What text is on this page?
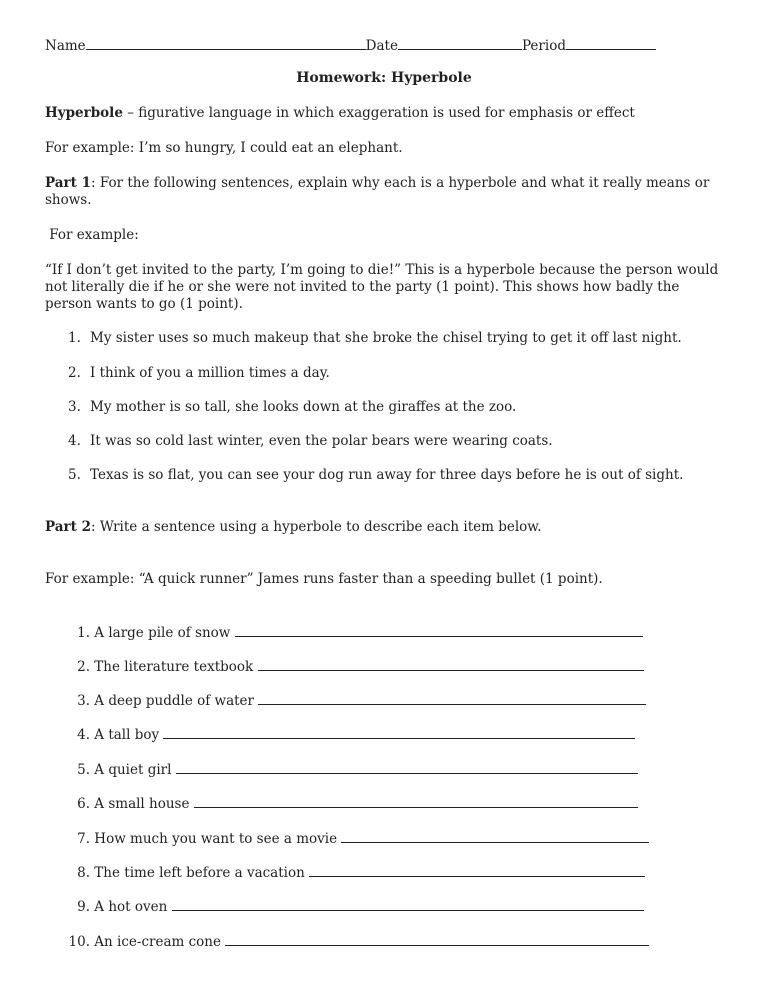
Name	Date	Period
Homework: Hyperbole
Hyperbole – figurative language in which exaggeration is used for emphasis or effect
For example: I’m so hungry, I could eat an elephant.
Part 1: For the following sentences, explain why each is a hyperbole and what it really means or shows.
For example:
“If I don’t get invited to the party, I’m going to die!” This is a hyperbole because the person would not literally die if he or she were not invited to the party (1 point). This shows how badly the person wants to go (1 point).
1. My sister uses so much makeup that she broke the chisel trying to get it off last night.
2. I think of you a million times a day.
3. My mother is so tall, she looks down at the giraffes at the zoo.
4. It was so cold last winter, even the polar bears were wearing coats.
5. Texas is so flat, you can see your dog run away for three days before he is out of sight.
Part 2: Write a sentence using a hyperbole to describe each item below.
For example: “A quick runner” James runs faster than a speeding bullet (1 point).
1. A large pile of snow
2. The literature textbook
3. A deep puddle of water
4. A tall boy
5. A quiet girl
6. A small house
7. How much you want to see a movie
8. The time left before a vacation
9. A hot oven
10. An ice-cream cone
